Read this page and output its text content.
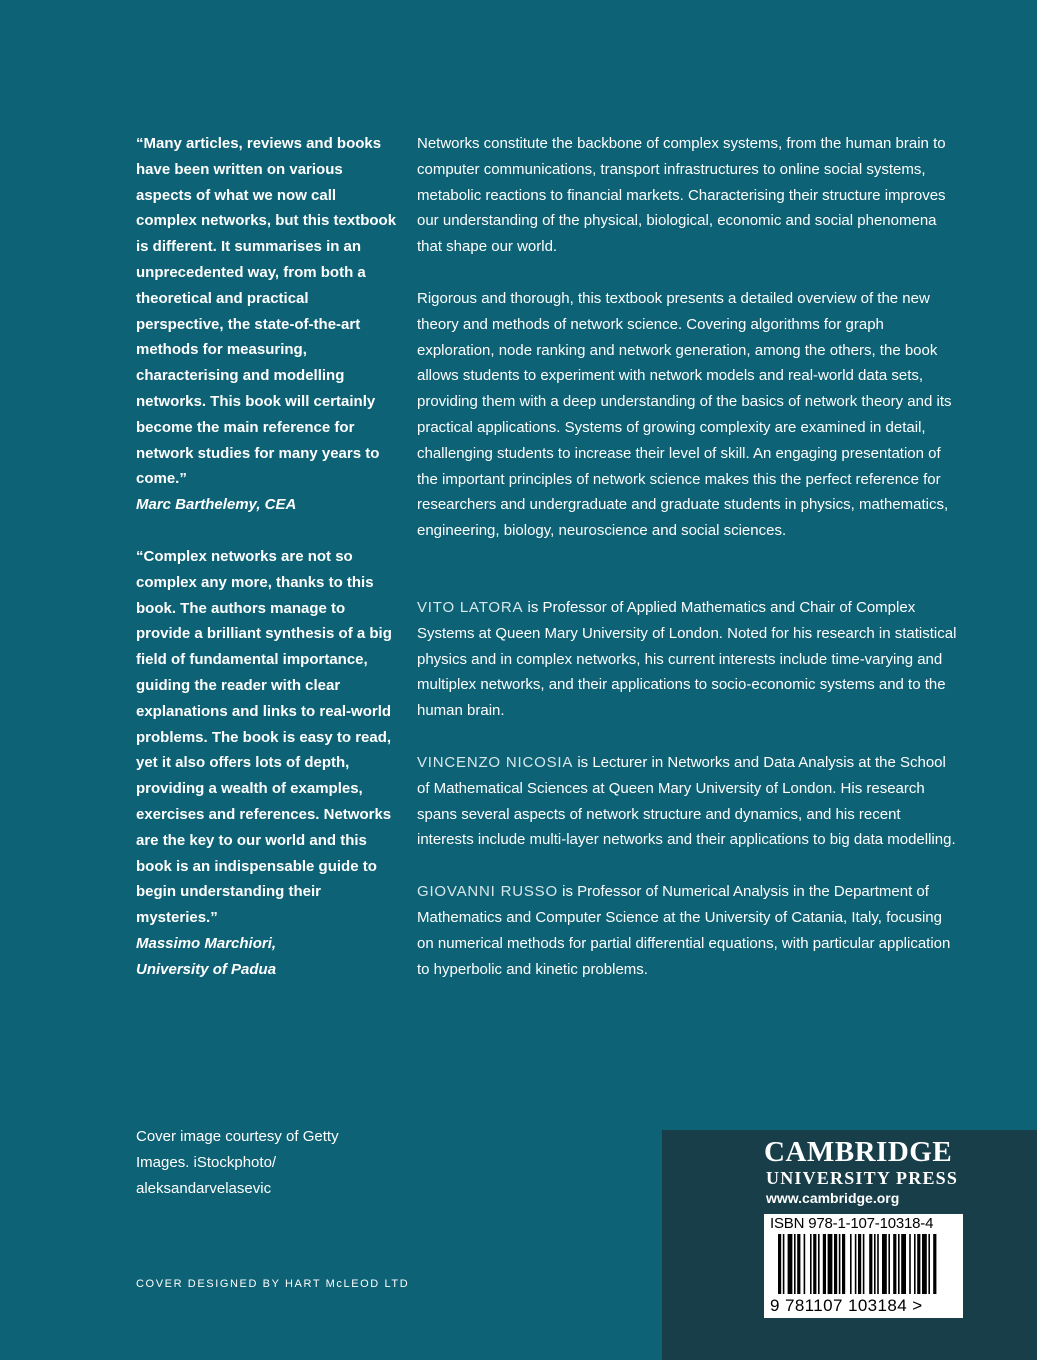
“Many articles, reviews and books have been written on various aspects of what we now call complex networks, but this textbook is different. It summarises in an unprecedented way, from both a theoretical and practical perspective, the state-of-the-art methods for measuring, characterising and modelling networks. This book will certainly become the main reference for network studies for many years to come.”

Marc Barthelemy, CEA

“Complex networks are not so complex any more, thanks to this book. The authors manage to provide a brilliant synthesis of a big field of fundamental importance, guiding the reader with clear explanations and links to real-world problems. The book is easy to read, yet it also offers lots of depth, providing a wealth of examples, exercises and references. Networks are the key to our world and this book is an indispensable guide to begin understanding their mysteries.”

Massimo Marchiori,
University of Padua

Networks constitute the backbone of complex systems, from the human brain to computer communications, transport infrastructures to online social systems, metabolic reactions to financial markets. Characterising their structure improves our understanding of the physical, biological, economic and social phenomena that shape our world.

Rigorous and thorough, this textbook presents a detailed overview of the new theory and methods of network science. Covering algorithms for graph exploration, node ranking and network generation, among the others, the book allows students to experiment with network models and real-world data sets, providing them with a deep understanding of the basics of network theory and its practical applications. Systems of growing complexity are examined in detail, challenging students to increase their level of skill. An engaging presentation of the important principles of network science makes this the perfect reference for researchers and undergraduate and graduate students in physics, mathematics, engineering, biology, neuroscience and social sciences.

VITO LATORA is Professor of Applied Mathematics and Chair of Complex Systems at Queen Mary University of London. Noted for his research in statistical physics and in complex networks, his current interests include time-varying and multiplex networks, and their applications to socio-economic systems and to the human brain.

VINCENZO NICOSIA is Lecturer in Networks and Data Analysis at the School of Mathematical Sciences at Queen Mary University of London. His research spans several aspects of network structure and dynamics, and his recent interests include multi-layer networks and their applications to big data modelling.

GIOVANNI RUSSO is Professor of Numerical Analysis in the Department of Mathematics and Computer Science at the University of Catania, Italy, focusing on numerical methods for partial differential equations, with particular application to hyperbolic and kinetic problems.

Cover image courtesy of Getty Images. iStockphoto/ aleksandarvelasevic
COVER DESIGNED BY HART McLEOD LTD
CAMBRIDGE
UNIVERSITY PRESS
www.cambridge.org
ISBN 978-1-107-10318-4
9 781107 103184 >
